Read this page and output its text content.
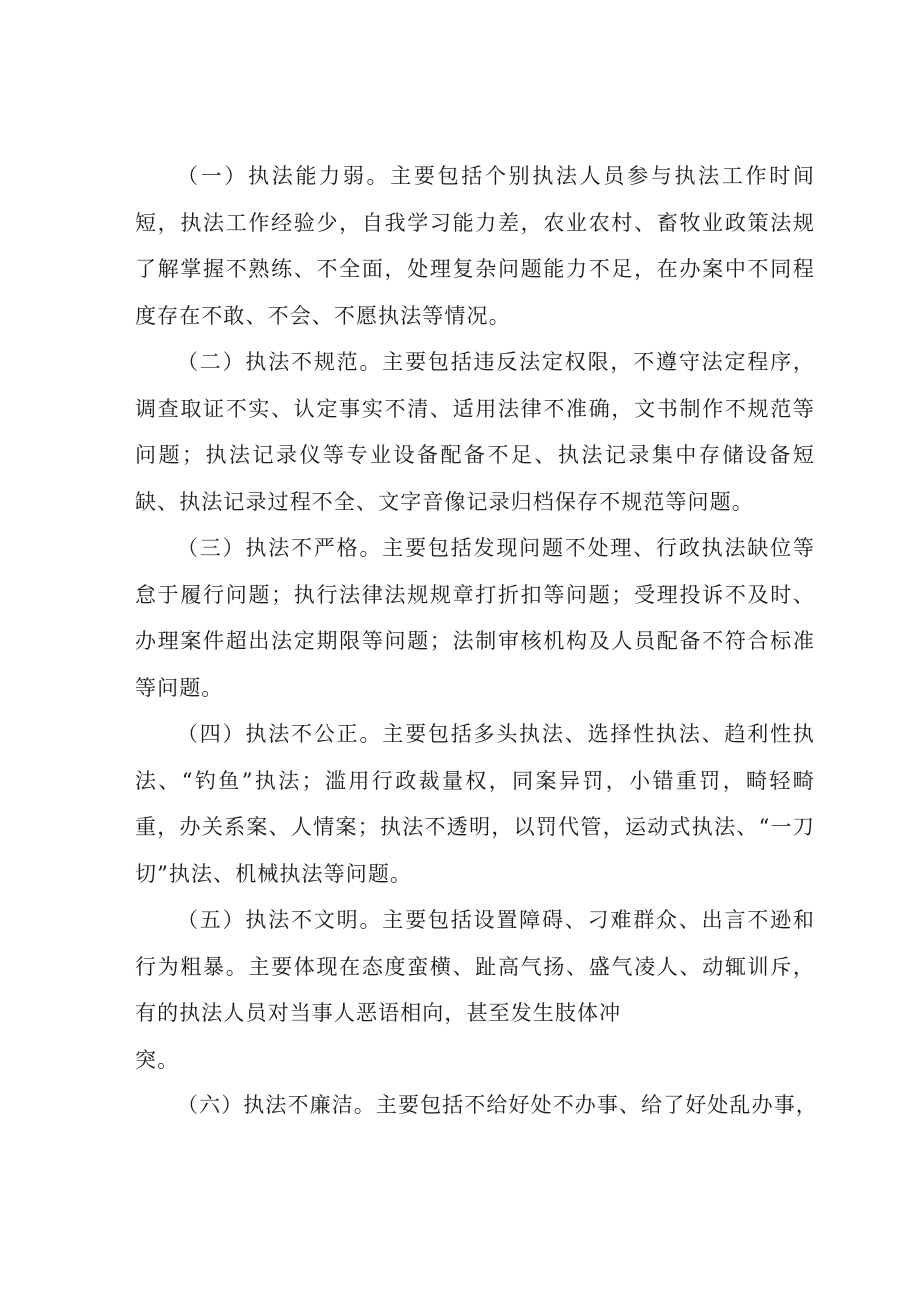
（一）执法能力弱。主要包括个别执法人员参与执法工作时间短，执法工作经验少，自我学习能力差，农业农村、畜牧业政策法规了解掌握不熟练、不全面，处理复杂问题能力不足，在办案中不同程度存在不敢、不会、不愿执法等情况。

（二）执法不规范。主要包括违反法定权限，不遵守法定程序，调查取证不实、认定事实不清、适用法律不准确，文书制作不规范等问题；执法记录仪等专业设备配备不足、执法记录集中存储设备短缺、执法记录过程不全、文字音像记录归档保存不规范等问题。

（三）执法不严格。主要包括发现问题不处理、行政执法缺位等怠于履行问题；执行法律法规规章打折扣等问题；受理投诉不及时、办理案件超出法定期限等问题；法制审核机构及人员配备不符合标准等问题。

（四）执法不公正。主要包括多头执法、选择性执法、趋利性执法、“钓鱼”执法；滥用行政裁量权，同案异罚，小错重罚，畸轻畸重，办关系案、人情案；执法不透明，以罚代管，运动式执法、“一刀切”执法、机械执法等问题。

（五）执法不文明。主要包括设置障碍、刁难群众、出言不逊和行为粗暴。主要体现在态度蛮横、趾高气扬、盛气凌人、动辄训斥，有的执法人员对当事人恶语相向，甚至发生肢体冲
突。

（六）执法不廉洁。主要包括不给好处不办事、给了好处乱办事，
